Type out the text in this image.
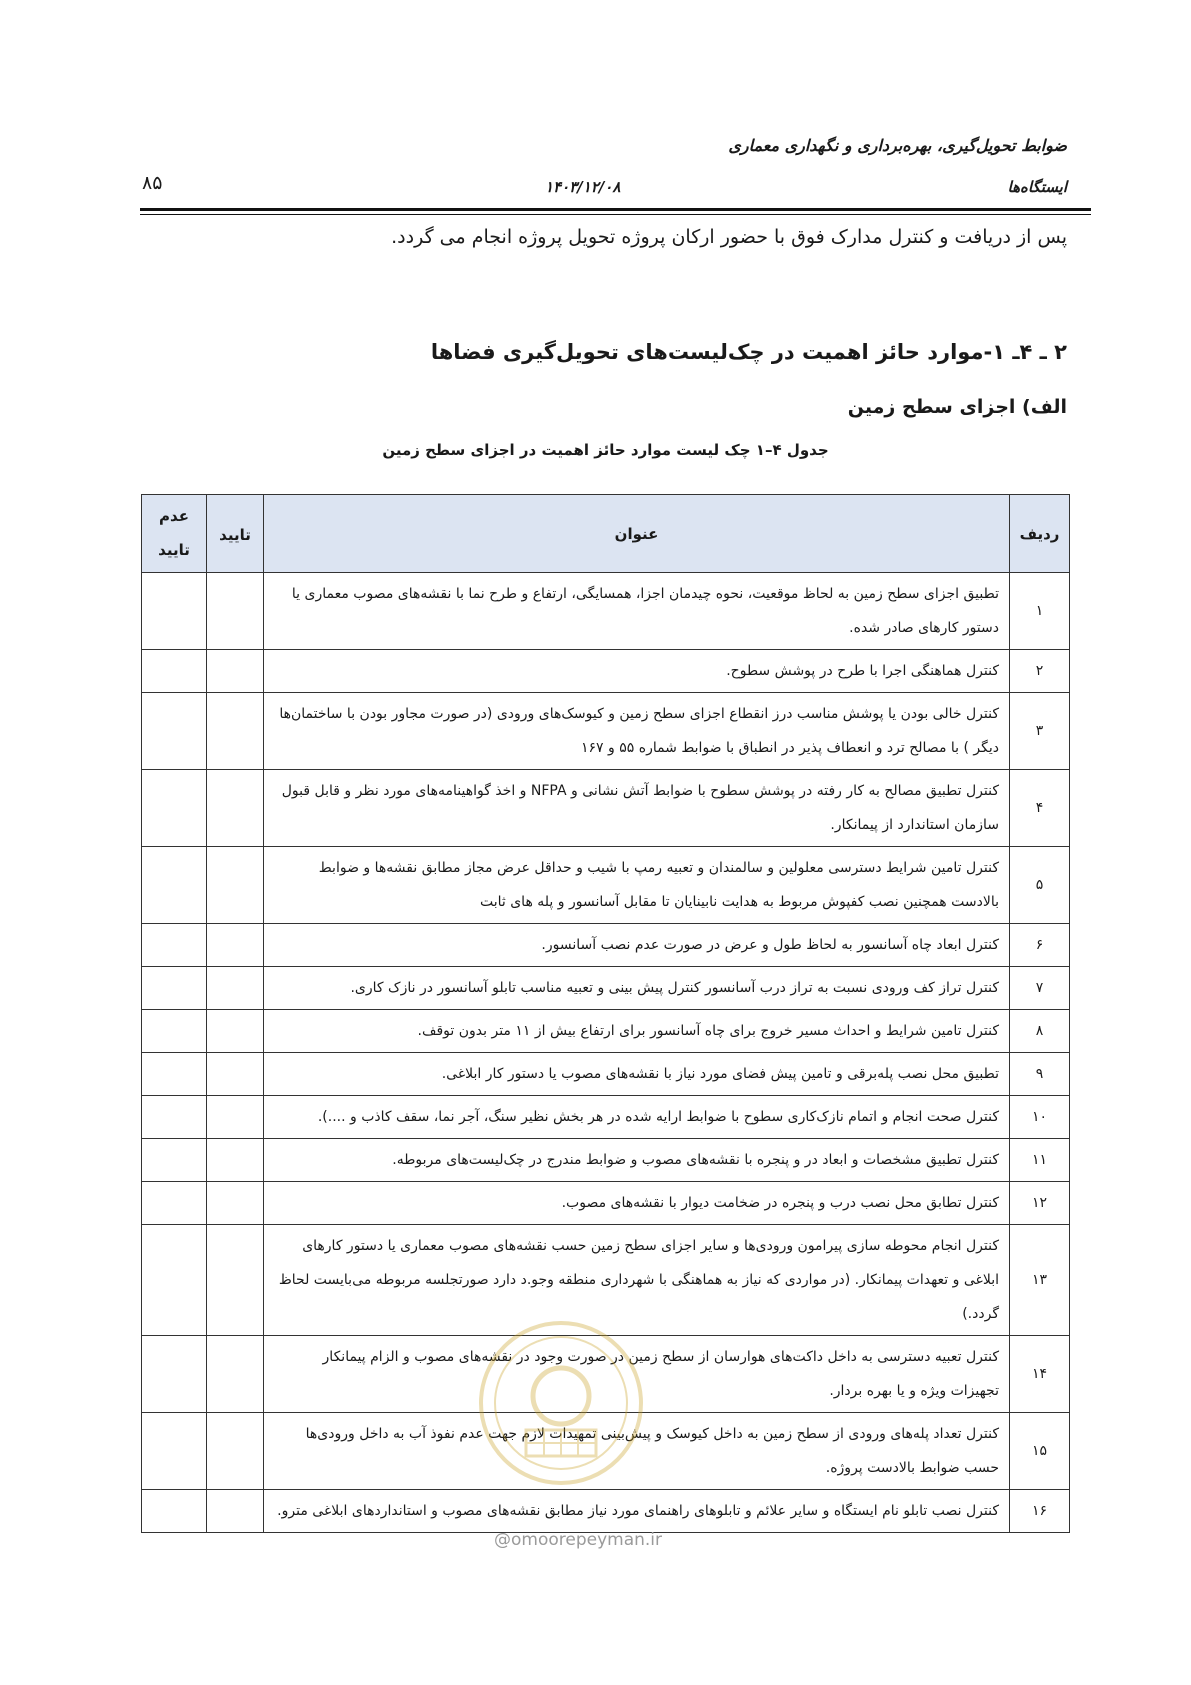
ضوابط تحویل‌گیری، بهره‌برداری و نگهداری معماری
ایستگاه‌ها
۱۴۰۳/۱۲/۰۸
۸۵
پس از دریافت و کنترل مدارک فوق با حضور ارکان پروژه تحویل پروژه انجام می گردد.
۲ ـ ۴ـ ۱-موارد حائز اهمیت در چک‌لیست‌های تحویل‌گیری فضاها
الف) اجزای سطح زمین
جدول ۴–۱ چک لیست موارد حائز اهمیت در اجزای سطح زمین
ردیف	عنوان	تایید	عدم
تایید

۱	تطبیق اجزای سطح زمین به لحاظ موقعیت، نحوه چیدمان اجزا، همسایگی، ارتفاع و طرح نما با نقشه‌های مصوب معماری یا دستور کارهای صادر شده.		
۲	کنترل هماهنگی اجرا با طرح در پوشش سطوح.		
۳	کنترل خالی بودن یا پوشش مناسب درز انقطاع اجزای سطح زمین و کیوسک‌های ورودی (در صورت مجاور بودن با ساختمان‌ها دیگر ) با مصالح ترد و انعطاف پذیر در انطباق با ضوابط شماره ۵۵ و ۱۶۷		
۴	کنترل تطبیق مصالح به کار رفته در پوشش سطوح با ضوابط آتش نشانی و NFPA و اخذ گواهینامه‌های مورد نظر و قابل قبول سازمان استاندارد از پیمانکار.		
۵	کنترل تامین شرایط دسترسی معلولین و سالمندان و تعبیه رمپ با شیب و حداقل عرض مجاز مطابق نقشه‌ها و ضوابط بالادست همچنین نصب کفپوش مربوط به هدایت نابینایان تا مقابل آسانسور و پله های ثابت		
۶	کنترل ابعاد چاه آسانسور به لحاظ طول و عرض در صورت عدم نصب آسانسور.		
۷	کنترل تراز کف ورودی نسبت به تراز درب آسانسور کنترل پیش بینی و تعبیه مناسب تابلو آسانسور در نازک کاری.		
۸	کنترل تامین شرایط و احداث مسیر خروج برای چاه آسانسور برای ارتفاع بیش از ۱۱ متر بدون توقف.		
۹	تطبیق محل نصب پله‌برقی و تامین پیش فضای مورد نیاز با نقشه‌های مصوب یا دستور کار ابلاغی.		
۱۰	کنترل صحت انجام و اتمام نازک‌کاری سطوح با ضوابط ارایه شده در هر بخش نظیر سنگ، آجر نما، سقف کاذب و ....).		
۱۱	کنترل تطبیق مشخصات و ابعاد در و پنجره با نقشه‌های مصوب و ضوابط مندرج در چک‌لیست‌های مربوطه.		
۱۲	کنترل تطابق محل نصب درب و پنجره در ضخامت دیوار با نقشه‌های مصوب.		
۱۳	کنترل انجام محوطه سازی پیرامون ورودی‌ها و سایر اجزای سطح زمین حسب نقشه‌های مصوب معماری یا دستور کارهای ابلاغی و تعهدات پیمانکار. (در مواردی که نیاز به هماهنگی با شهرداری منطقه وجو.د دارد صورتجلسه مربوطه می‌بایست لحاظ گردد.)		
۱۴	کنترل تعبیه دسترسی به داخل داکت‌های هوارسان از سطح زمین در صورت وجود در نقشه‌های مصوب و الزام پیمانکار تجهیزات ویژه و یا بهره بردار.		
۱۵	کنترل تعداد پله‌های ورودی از سطح زمین به داخل کیوسک و پیش‌بینی تمهیدات لازم جهت عدم نفوذ آب به داخل ورودی‌ها حسب ضوابط بالادست پروژه.		
۱۶	کنترل نصب تابلو نام ایستگاه و سایر علائم و تابلوهای راهنمای مورد نیاز مطابق نقشه‌های مصوب و استانداردهای ابلاغی مترو.		
@omoorepeyman.ir
